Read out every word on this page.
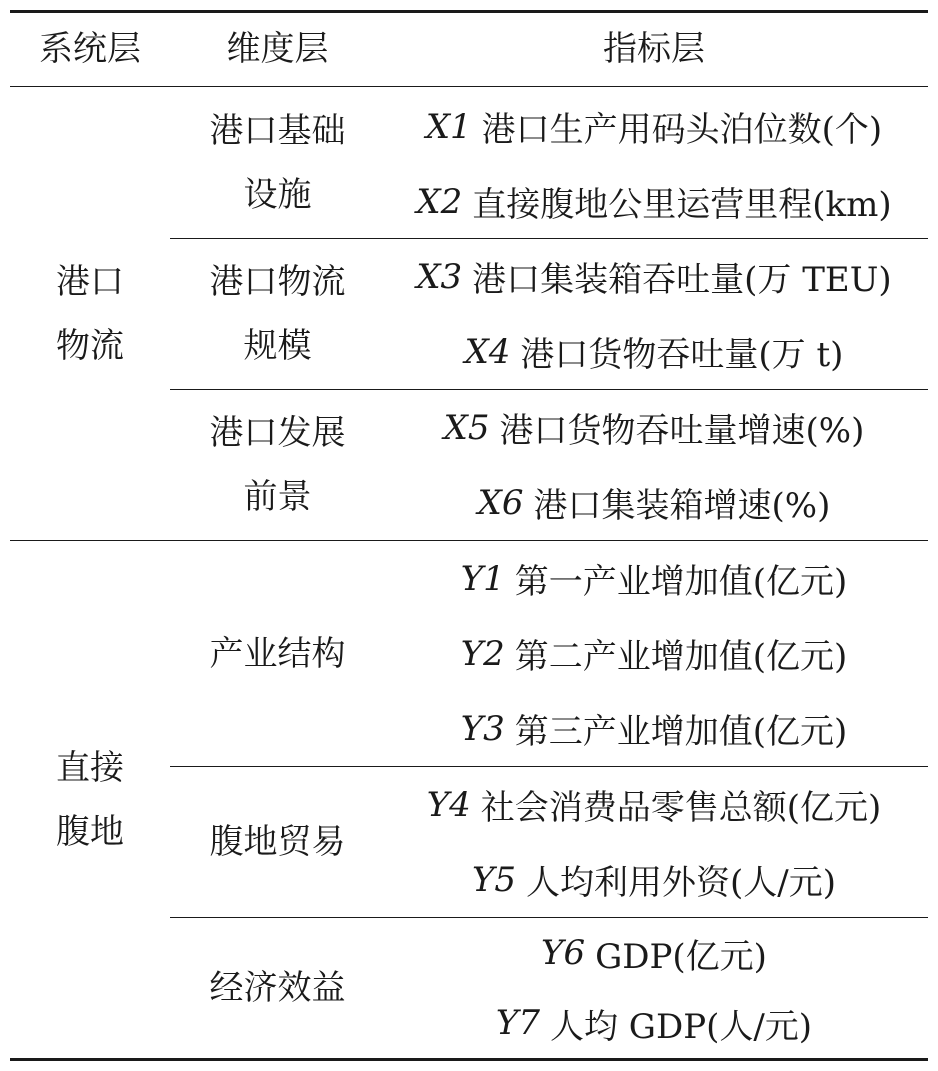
系统层	维度层	指标层
港口
物流
港口基础
设施
X1 港口生产用码头泊位数(个)
X2 直接腹地公里运营里程(km)
港口物流
规模
X3 港口集装箱吞吐量(万 TEU)
X4 港口货物吞吐量(万 t)
港口发展
前景
X5 港口货物吞吐量增速(%)
X6 港口集装箱增速(%)
直接
腹地
产业结构
Y1 第一产业增加值(亿元)
Y2 第二产业增加值(亿元)
Y3 第三产业增加值(亿元)
腹地贸易
Y4 社会消费品零售总额(亿元)
Y5 人均利用外资(人/元)
经济效益
Y6 GDP(亿元)
Y7 人均 GDP(人/元)
